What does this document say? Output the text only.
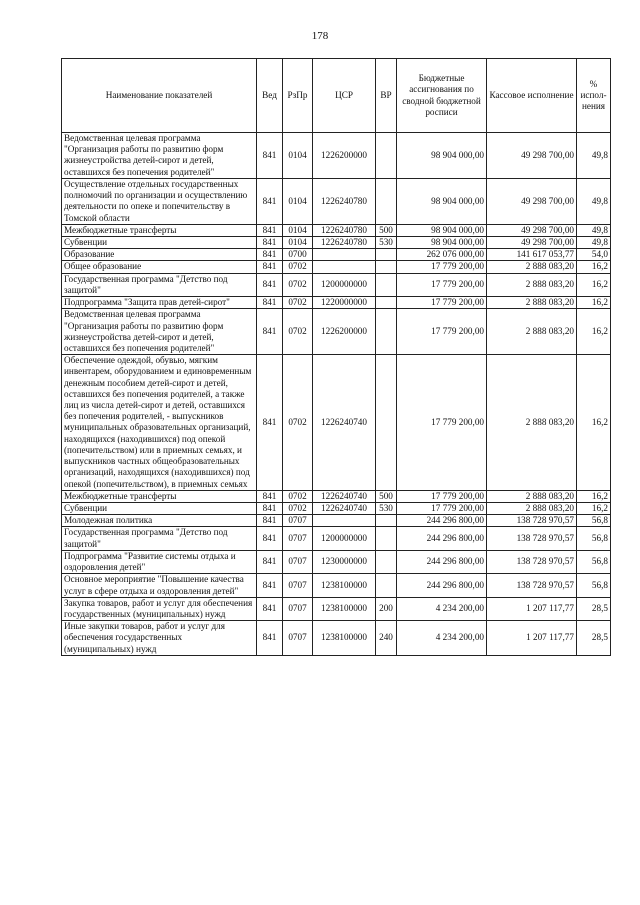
178
Наименование показателей	Вед	РзПр	ЦСР	ВР	Бюджетные ассигнования по сводной бюджетной росписи	Кассовое исполнение	% испол-нения
Ведомственная целевая программа "Организация работы по развитию форм жизнеустройства детей-сирот и детей, оставшихся без попечения родителей"	841	0104	1226200000		98 904 000,00	49 298 700,00	49,8
Осуществление отдельных государственных полномочий по организации и осуществлению деятельности по опеке и попечительству в Томской области	841	0104	1226240780		98 904 000,00	49 298 700,00	49,8
Межбюджетные трансферты	841	0104	1226240780	500	98 904 000,00	49 298 700,00	49,8
Субвенции	841	0104	1226240780	530	98 904 000,00	49 298 700,00	49,8
Образование	841	0700			262 076 000,00	141 617 053,77	54,0
Общее образование	841	0702			17 779 200,00	2 888 083,20	16,2
Государственная программа "Детство под защитой"	841	0702	1200000000		17 779 200,00	2 888 083,20	16,2
Подпрограмма "Защита прав детей-сирот"	841	0702	1220000000		17 779 200,00	2 888 083,20	16,2
Ведомственная целевая программа "Организация работы по развитию форм жизнеустройства детей-сирот и детей, оставшихся без попечения родителей"	841	0702	1226200000		17 779 200,00	2 888 083,20	16,2
Обеспечение одеждой, обувью, мягким инвентарем, оборудованием и единовременным денежным пособием детей-сирот и детей, оставшихся без попечения родителей, а также лиц из числа детей-сирот и детей, оставшихся без попечения родителей, - выпускников муниципальных образовательных организаций, находящихся (находившихся) под опекой (попечительством) или в приемных семьях, и выпускников частных общеобразовательных организаций, находящихся (находившихся) под опекой (попечительством), в приемных семьях	841	0702	1226240740		17 779 200,00	2 888 083,20	16,2
Межбюджетные трансферты	841	0702	1226240740	500	17 779 200,00	2 888 083,20	16,2
Субвенции	841	0702	1226240740	530	17 779 200,00	2 888 083,20	16,2
Молодежная политика	841	0707			244 296 800,00	138 728 970,57	56,8
Государственная программа "Детство под защитой"	841	0707	1200000000		244 296 800,00	138 728 970,57	56,8
Подпрограмма "Развитие системы отдыха и оздоровления детей"	841	0707	1230000000		244 296 800,00	138 728 970,57	56,8
Основное мероприятие "Повышение качества услуг в сфере отдыха и оздоровления детей"	841	0707	1238100000		244 296 800,00	138 728 970,57	56,8
Закупка товаров, работ и услуг для обеспечения государственных (муниципальных) нужд	841	0707	1238100000	200	4 234 200,00	1 207 117,77	28,5
Иные закупки товаров, работ и услуг для обеспечения государственных (муниципальных) нужд	841	0707	1238100000	240	4 234 200,00	1 207 117,77	28,5
